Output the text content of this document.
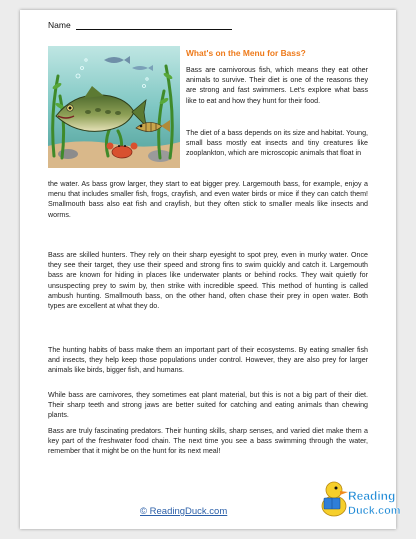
Name
What's on the Menu for Bass?

Bass are carnivorous fish, which means they eat other animals to survive. Their diet is one of the reasons they are strong and fast swimmers. Let's explore what bass like to eat and how they hunt for their food.

The diet of a bass depends on its size and habitat. Young, small bass mostly eat insects and tiny creatures like zooplankton, which are microscopic animals that float in

the water. As bass grow larger, they start to eat bigger prey. Largemouth bass, for example, enjoy a menu that includes smaller fish, frogs, crayfish, and even water birds or mice if they can catch them! Smallmouth bass also eat fish and crayfish, but they often stick to smaller meals like insects and worms.

Bass are skilled hunters. They rely on their sharp eyesight to spot prey, even in murky water. Once they see their target, they use their speed and strong fins to swim quickly and catch it. Largemouth bass are known for hiding in places like underwater plants or behind rocks. They wait quietly for unsuspecting prey to swim by, then strike with incredible speed. This method of hunting is called ambush hunting. Smallmouth bass, on the other hand, often chase their prey in open water. Both types are excellent at what they do.

The hunting habits of bass make them an important part of their ecosystems. By eating smaller fish and insects, they help keep those populations under control. However, they are also prey for larger animals like birds, bigger fish, and humans.

While bass are carnivores, they sometimes eat plant material, but this is not a big part of their diet. Their sharp teeth and strong jaws are better suited for catching and eating animals than chewing plants.

Bass are truly fascinating predators. Their hunting skills, sharp senses, and varied diet make them a key part of the freshwater food chain. The next time you see a bass swimming through the water, remember that it might be on the hunt for its next meal!

© ReadingDuck.com
Reading
Duck.com
